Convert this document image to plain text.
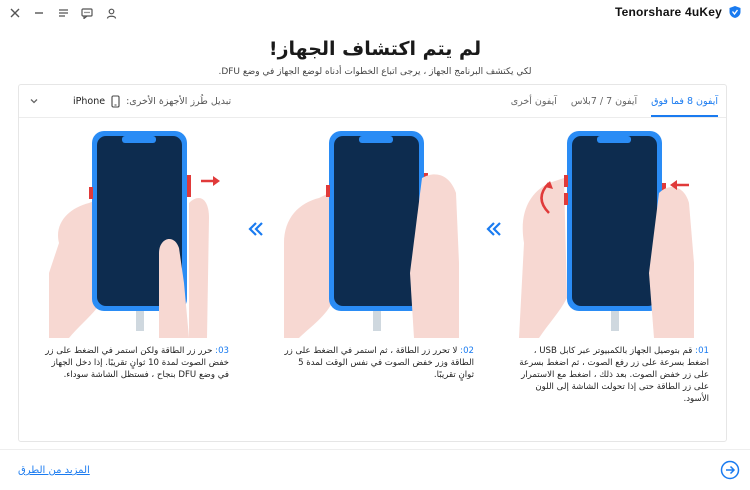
Tenorshare 4uKey
!لم يتم اكتشاف الجهاز
لكي يكتشف البرنامج الجهاز ، يرجى اتباع الخطوات أدناه لوضع الجهاز في وضع DFU.
iPhone تبديل طُرز الأجهزة الأخرى:	آيفون 8 فما فوق
آيفون 7 / 7بلاس
آيفون أخرى
01: قم بتوصيل الجهاز بالكمبيوتر عبر كابل USB ، اضغط بسرعة على زر رفع الصوت ، ثم اضغط بسرعة على زر خفض الصوت. بعد ذلك ، اضغط مع الاستمرار على زر الطاقة حتى إذا تحولت الشاشة إلى اللون الأسود.
02: لا تحرر زر الطاقة ، ثم استمر في الضغط على زر الطاقة وزر خفض الصوت في نفس الوقت لمدة 5 ثوانٍ تقريبًا.
03: حرر زر الطاقة ولكن استمر في الضغط على زر خفض الصوت لمدة 10 ثوانٍ تقريبًا. إذا دخل الجهاز في وضع DFU بنجاح ، فستظل الشاشة سوداء.
المزيد من الطرق
